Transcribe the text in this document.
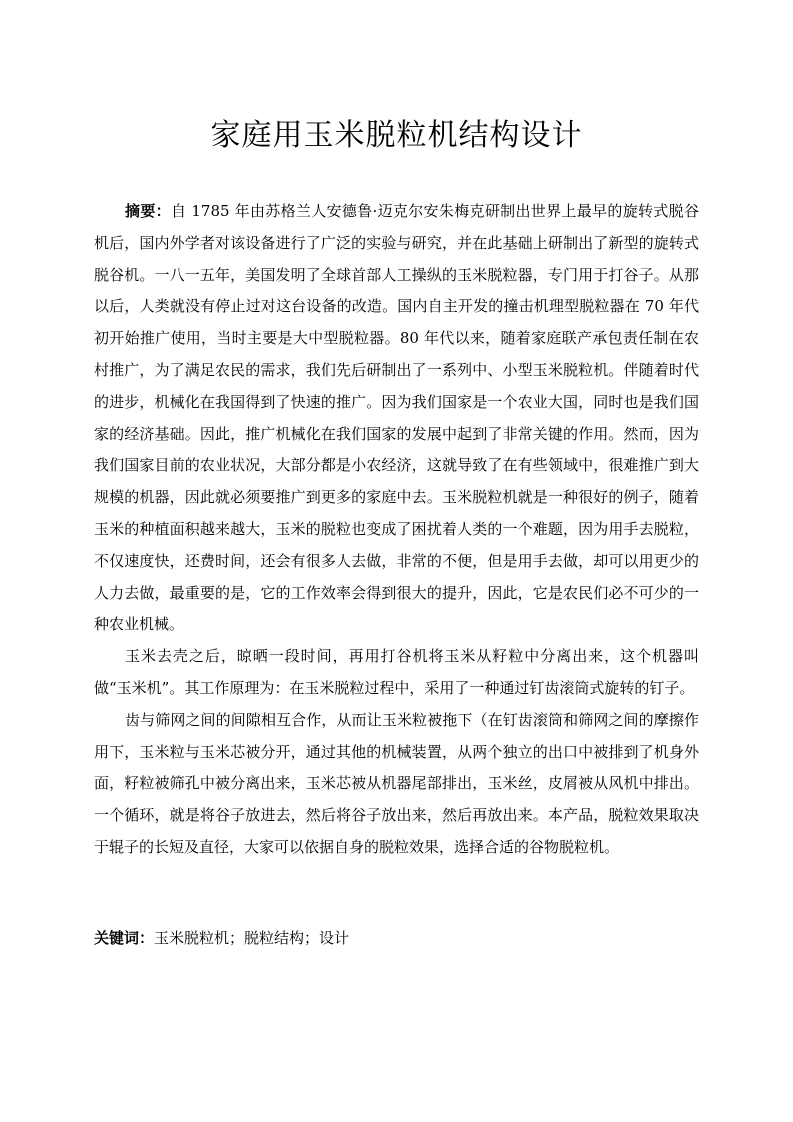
家庭用玉米脱粒机结构设计

摘要：自 1785 年由苏格兰人安德鲁·迈克尔安朱梅克研制出世界上最早的旋转式脱谷机后，国内外学者对该设备进行了广泛的实验与研究，并在此基础上研制出了新型的旋转式脱谷机。一八一五年，美国发明了全球首部人工操纵的玉米脱粒器，专门用于打谷子。从那以后，人类就没有停止过对这台设备的改造。国内自主开发的撞击机理型脱粒器在 70 年代初开始推广使用，当时主要是大中型脱粒器。80 年代以来，随着家庭联产承包责任制在农村推广，为了满足农民的需求，我们先后研制出了一系列中、小型玉米脱粒机。伴随着时代的进步，机械化在我国得到了快速的推广。因为我们国家是一个农业大国，同时也是我们国家的经济基础。因此，推广机械化在我们国家的发展中起到了非常关键的作用。然而，因为我们国家目前的农业状况，大部分都是小农经济，这就导致了在有些领域中，很难推广到大规模的机器，因此就必须要推广到更多的家庭中去。玉米脱粒机就是一种很好的例子，随着玉米的种植面积越来越大，玉米的脱粒也变成了困扰着人类的一个难题，因为用手去脱粒，不仅速度快，还费时间，还会有很多人去做，非常的不便，但是用手去做，却可以用更少的人力去做，最重要的是，它的工作效率会得到很大的提升，因此，它是农民们必不可少的一种农业机械。

玉米去壳之后，晾晒一段时间，再用打谷机将玉米从籽粒中分离出来，这个机器叫做“玉米机”。其工作原理为：在玉米脱粒过程中，采用了一种通过钉齿滚筒式旋转的钉子。

齿与筛网之间的间隙相互合作，从而让玉米粒被拖下（在钉齿滚筒和筛网之间的摩擦作用下，玉米粒与玉米芯被分开，通过其他的机械装置，从两个独立的出口中被排到了机身外面，籽粒被筛孔中被分离出来，玉米芯被从机器尾部排出，玉米丝，皮屑被从风机中排出。一个循环，就是将谷子放进去，然后将谷子放出来，然后再放出来。本产品，脱粒效果取决于辊子的长短及直径，大家可以依据自身的脱粒效果，选择合适的谷物脱粒机。

关键词：玉米脱粒机；脱粒结构；设计
